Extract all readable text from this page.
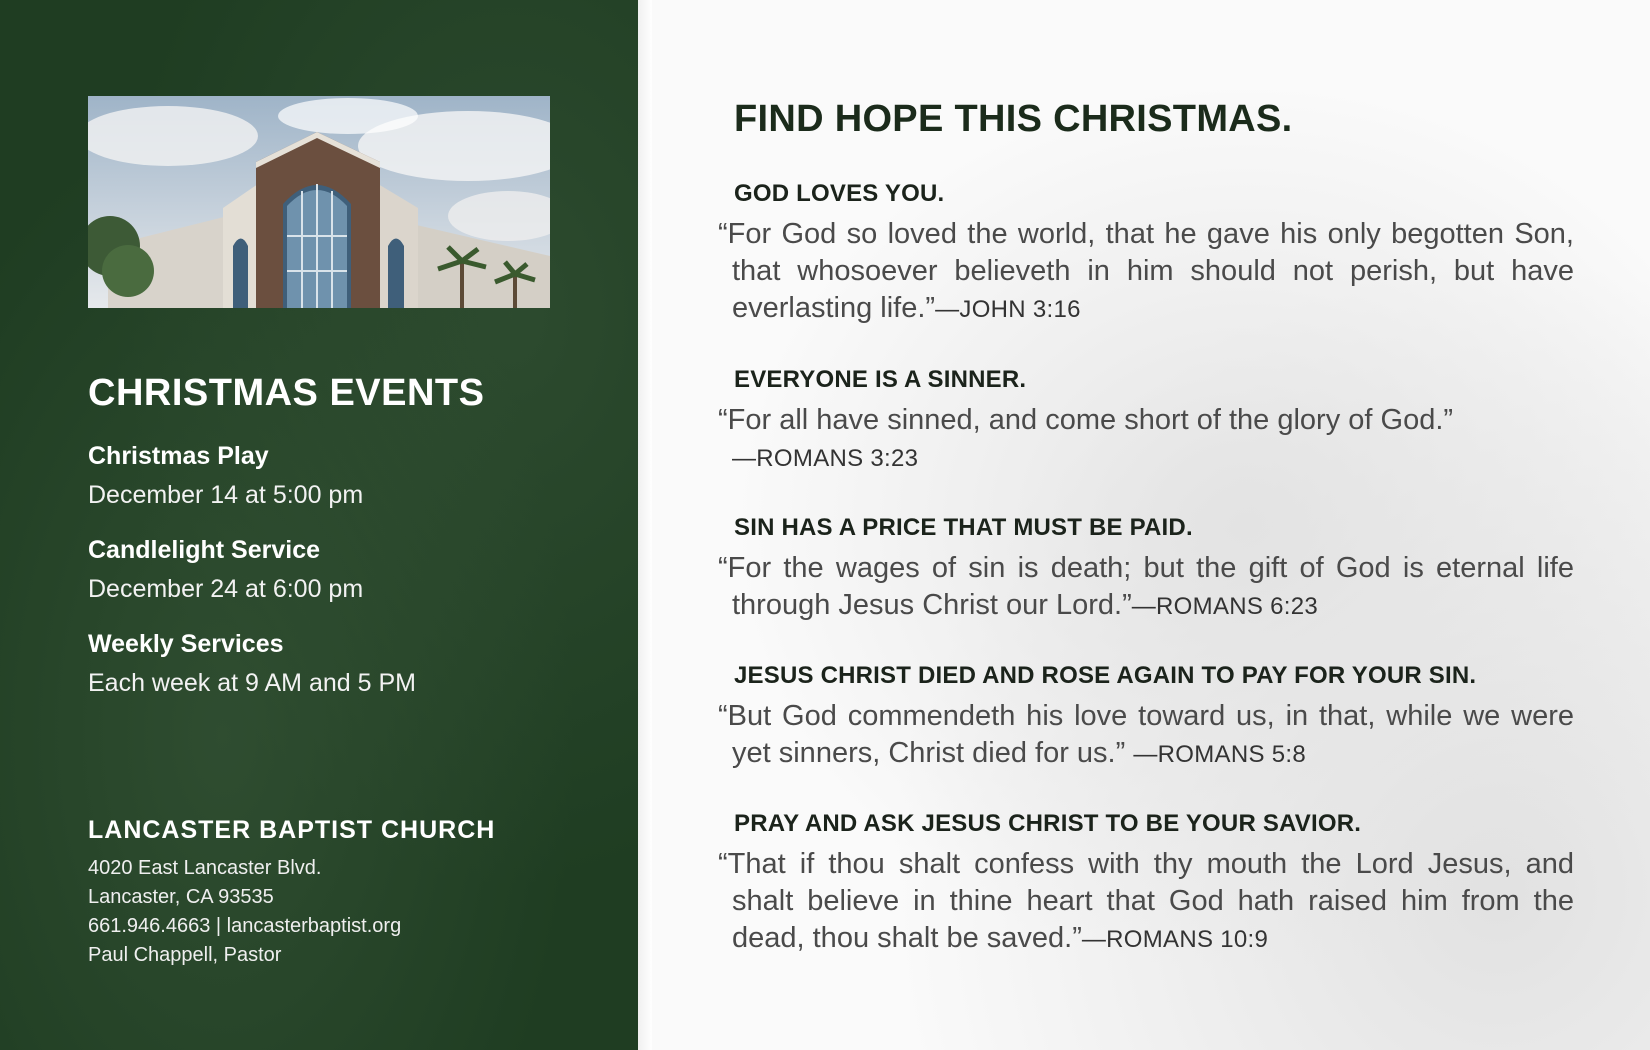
CHRISTMAS EVENTS

Christmas Play

December 14 at 5:00 pm

Candlelight Service

December 24 at 6:00 pm

Weekly Services

Each week at 9 AM and 5 PM

LANCASTER BAPTIST CHURCH

4020 East Lancaster Blvd.

Lancaster, CA 93535

661.946.4663 | lancasterbaptist.org

Paul Chappell, Pastor

FIND HOPE THIS CHRISTMAS.

GOD LOVES YOU.

“For God so loved the world, that he gave his only begotten Son, that whosoever believeth in him should not perish, but have everlasting life.”—JOHN 3:16

EVERYONE IS A SINNER.

“For all have sinned, and come short of the glory of God.”
—ROMANS 3:23

SIN HAS A PRICE THAT MUST BE PAID.

“For the wages of sin is death; but the gift of God is eternal life through Jesus Christ our Lord.”—ROMANS 6:23

JESUS CHRIST DIED AND ROSE AGAIN TO PAY FOR YOUR SIN.

“But God commendeth his love toward us, in that, while we were yet sinners, Christ died for us.” —ROMANS 5:8

PRAY AND ASK JESUS CHRIST TO BE YOUR SAVIOR.

“That if thou shalt confess with thy mouth the Lord Jesus, and shalt believe in thine heart that God hath raised him from the dead, thou shalt be saved.”—ROMANS 10:9
